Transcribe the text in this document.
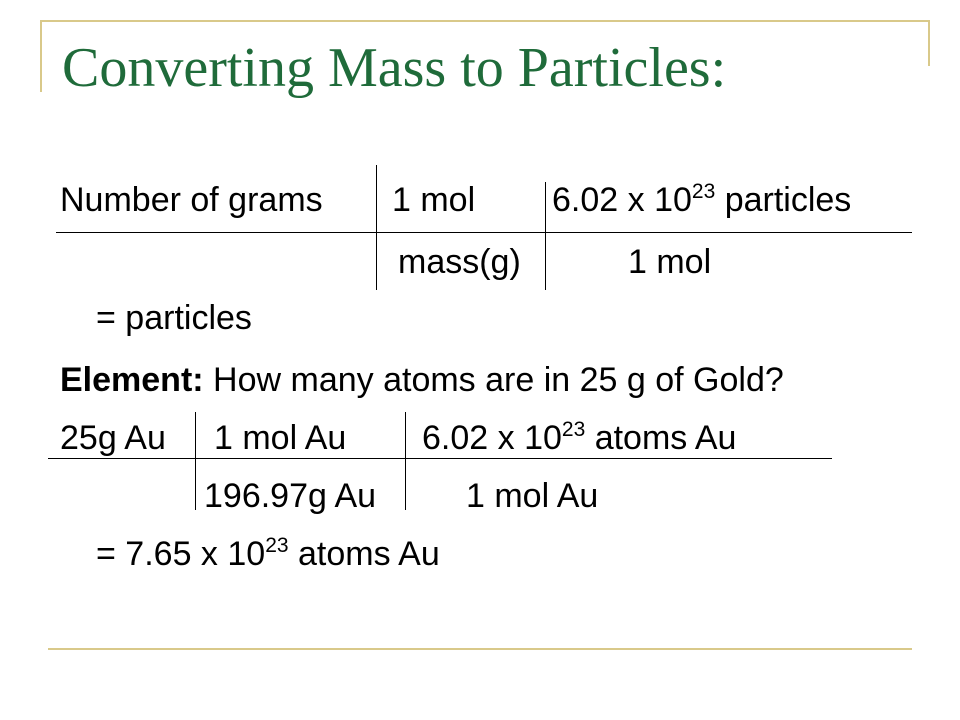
Converting Mass to Particles:
Number of grams 1 mol 6.02 x $10^{23}$ particles
mass(g)	1 mol
= particles
Element: How many atoms are in 25 g of Gold?
25g Au 1 mol Au 6.02 x $10^{23}$ atoms Au
196.97g Au	1 mol Au
= 7.65 x $10^{23}$ atoms Au
